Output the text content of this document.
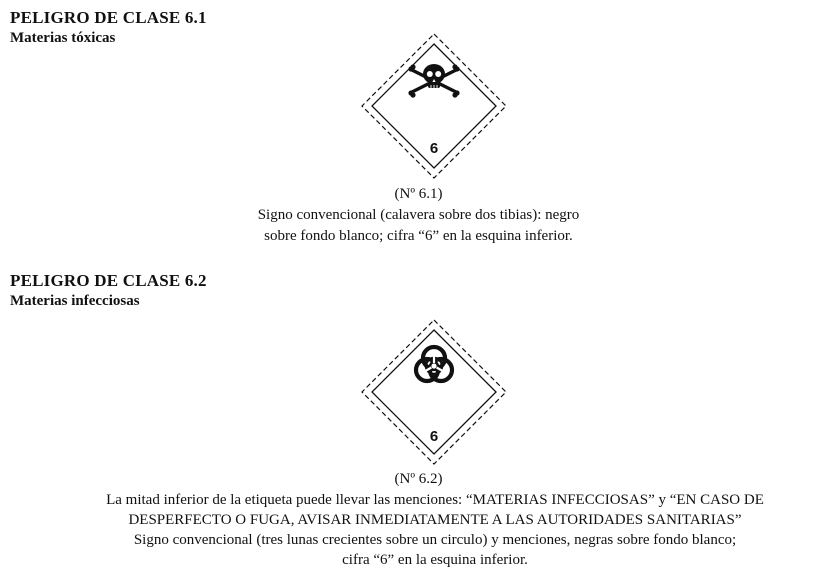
PELIGRO DE CLASE 6.1
Materias tóxicas
6
(Nº 6.1)
Signo convencional (calavera sobre dos tibias): negro
sobre fondo blanco; cifra “6” en la esquina inferior.
PELIGRO DE CLASE 6.2
Materias infecciosas
6
(Nº 6.2)
La mitad inferior de la etiqueta puede llevar las menciones: “MATERIAS INFECCIOSAS” y “EN CASO DE
DESPERFECTO O FUGA, AVISAR INMEDIATAMENTE A LAS AUTORIDADES SANITARIAS”
Signo convencional (tres lunas crecientes sobre un circulo) y menciones, negras sobre fondo blanco;
cifra “6” en la esquina inferior.
